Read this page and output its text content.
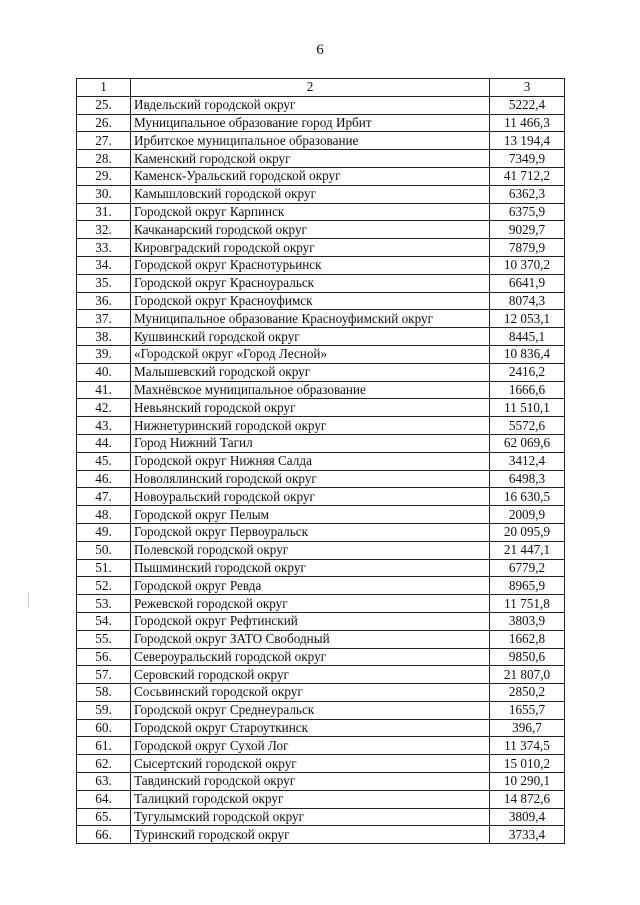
6
1	2	3
25.	Ивдельский городской округ	5222,4
26.	Муниципальное образование город Ирбит	11 466,3
27.	Ирбитское муниципальное образование	13 194,4
28.	Каменский городской округ	7349,9
29.	Каменск-Уральский городской округ	41 712,2
30.	Камышловский городской округ	6362,3
31.	Городской округ Карпинск	6375,9
32.	Качканарский городской округ	9029,7
33.	Кировградский городской округ	7879,9
34.	Городской округ Краснотурьинск	10 370,2
35.	Городской округ Красноуральск	6641,9
36.	Городской округ Красноуфимск	8074,3
37.	Муниципальное образование Красноуфимский округ	12 053,1
38.	Кушвинский городской округ	8445,1
39.	«Городской округ «Город Лесной»	10 836,4
40.	Малышевский городской округ	2416,2
41.	Махнёвское муниципальное образование	1666,6
42.	Невьянский городской округ	11 510,1
43.	Нижнетуринский городской округ	5572,6
44.	Город Нижний Тагил	62 069,6
45.	Городской округ Нижняя Салда	3412,4
46.	Новолялинский городской округ	6498,3
47.	Новоуральский городской округ	16 630,5
48.	Городской округ Пелым	2009,9
49.	Городской округ Первоуральск	20 095,9
50.	Полевской городской округ	21 447,1
51.	Пышминский городской округ	6779,2
52.	Городской округ Ревда	8965,9
53.	Режевской городской округ	11 751,8
54.	Городской округ Рефтинский	3803,9
55.	Городской округ ЗАТО Свободный	1662,8
56.	Североуральский городской округ	9850,6
57.	Серовский городской округ	21 807,0
58.	Сосьвинский городской округ	2850,2
59.	Городской округ Среднеуральск	1655,7
60.	Городской округ Староуткинск	396,7
61.	Городской округ Сухой Лог	11 374,5
62.	Сысертский городской округ	15 010,2
63.	Тавдинский городской округ	10 290,1
64.	Талицкий городской округ	14 872,6
65.	Тугулымский городской округ	3809,4
66.	Туринский городской округ	3733,4
